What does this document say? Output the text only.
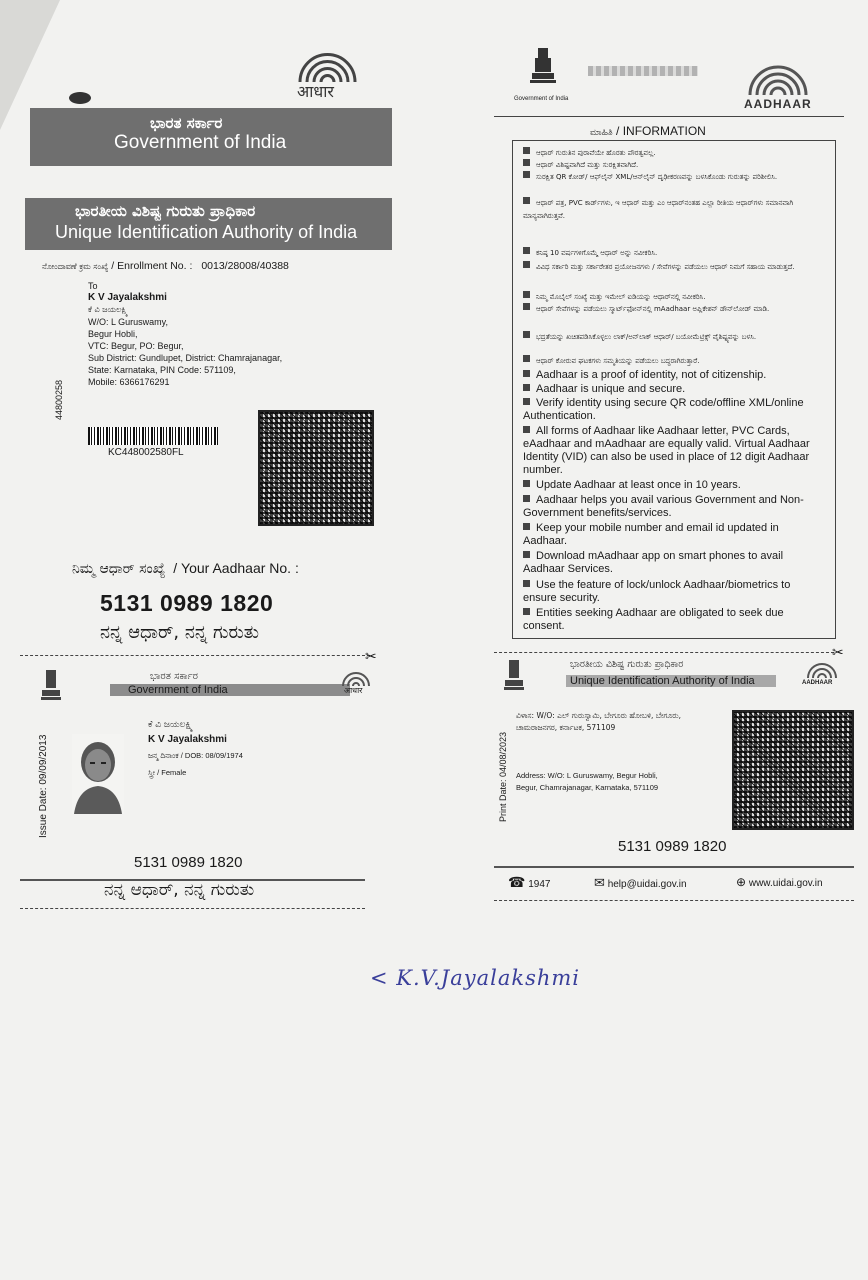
आधार
ಭಾರತ ಸರ್ಕಾರ
Government of India
ಭಾರತೀಯ ವಿಶಿಷ್ಟ ಗುರುತು ಪ್ರಾಧಿಕಾರ
Unique Identification Authority of India
ನೋಂದಾವಣೆ ಕ್ರಮ ಸಂಖ್ಯೆ / Enrollment No. : 0013/28008/40388
To
K V Jayalakshmi
ಕೆ ವಿ ಜಯಲಕ್ಷ್ಮಿ
W/O: L Guruswamy,
Begur Hobli,
VTC: Begur, PO: Begur,
Sub District: Gundlupet, District: Chamrajanagar,
State: Karnataka, PIN Code: 571109,
Mobile: 6366176291
44800258
KC448002580FL
ನಿಮ್ಮ ಆಧಾರ್ ಸಂಖ್ಯೆ / Your Aadhaar No. :
5131 0989 1820
ನನ್ನ ಆಧಾರ್, ನನ್ನ ಗುರುತು
✂
ಭಾರತ ಸರ್ಕಾರ
Government of India	आधार
Issue Date: 09/09/2013
ಕೆ ವಿ ಜಯಲಕ್ಷ್ಮಿ
K V Jayalakshmi
ಜನ್ಮ ದಿನಾಂಕ / DOB: 08/09/1974
ಸ್ತ್ರೀ / Female
5131 0989 1820
ನನ್ನ ಆಧಾರ್, ನನ್ನ ಗುರುತು
Government of India	AADHAAR
ಮಾಹಿತಿ / INFORMATION
ಆಧಾರ್ ಗುರುತಿನ ಪುರಾವೆಯೇ ಹೊರತು ಪೌರತ್ವವಲ್ಲ.
ಆಧಾರ್ ವಿಶಿಷ್ಟವಾಗಿದೆ ಮತ್ತು ಸುರಕ್ಷಿತವಾಗಿದೆ.
ಸುರಕ್ಷಿತ QR ಕೋಡ್/ ಆಫ್‌ಲೈನ್ XML/ಆನ್‌ಲೈನ್ ದೃಢೀಕರಣವನ್ನು ಬಳಸಿಕೊಂಡು ಗುರುತನ್ನು ಪರಿಶೀಲಿಸಿ.
ಆಧಾರ್ ಪತ್ರ, PVC ಕಾರ್ಡ್‌ಗಳು, ಇ ಆಧಾರ್ ಮತ್ತು ಎಂ ಆಧಾರ್‌ನಂತಹ ಎಲ್ಲಾ ರೀತಿಯ ಆಧಾರ್‌ಗಳು ಸಮಾನವಾಗಿ ಮಾನ್ಯವಾಗಿರುತ್ತವೆ.
ಕನಿಷ್ಠ 10 ವರ್ಷಗಳಿಗೊಮ್ಮೆ ಆಧಾರ್ ಅನ್ನು ನವೀಕರಿಸಿ.
ವಿವಿಧ ಸರ್ಕಾರಿ ಮತ್ತು ಸರ್ಕಾರೇತರ ಪ್ರಯೋಜನಗಳು / ಸೇವೆಗಳನ್ನು ಪಡೆಯಲು ಆಧಾರ್ ನಿಮಗೆ ಸಹಾಯ ಮಾಡುತ್ತದೆ.
ನಿಮ್ಮ ಮೊಬೈಲ್ ಸಂಖ್ಯೆ ಮತ್ತು ಇಮೇಲ್ ಐಡಿಯನ್ನು ಆಧಾರ್‌ನಲ್ಲಿ ನವೀಕರಿಸಿ.
ಆಧಾರ್ ಸೇವೆಗಳನ್ನು ಪಡೆಯಲು ಸ್ಮಾರ್ಟ್‌ಫೋನ್‌ನಲ್ಲಿ mAadhaar ಅಪ್ಲಿಕೇಶನ್ ಡೌನ್‌ಲೋಡ್ ಮಾಡಿ.
ಭದ್ರತೆಯನ್ನು ಖಚಿತಪಡಿಸಿಕೊಳ್ಳಲು ಲಾಕ್/ಅನ್‌ಲಾಕ್ ಆಧಾರ್/ ಬಯೋಮೆಟ್ರಿಕ್ಸ್ ವೈಶಿಷ್ಟ್ಯವನ್ನು ಬಳಸಿ.
ಆಧಾರ್ ಕೋರುವ ಘಟಕಗಳು ಸಮ್ಮತಿಯನ್ನು ಪಡೆಯಲು ಬದ್ಧರಾಗಿರುತ್ತಾರೆ.
Aadhaar is a proof of identity, not of citizenship.
Aadhaar is unique and secure.
Verify identity using secure QR code/offline XML/online Authentication.
All forms of Aadhaar like Aadhaar letter, PVC Cards, eAadhaar and mAadhaar are equally valid. Virtual Aadhaar Identity (VID) can also be used in place of 12 digit Aadhaar number.
Update Aadhaar at least once in 10 years.
Aadhaar helps you avail various Government and Non- Government benefits/services.
Keep your mobile number and email id updated in Aadhaar.
Download mAadhaar app on smart phones to avail Aadhaar Services.
Use the feature of lock/unlock Aadhaar/biometrics to ensure security.
Entities seeking Aadhaar are obligated to seek due consent.
✂
ಭಾರತೀಯ ವಿಶಿಷ್ಟ ಗುರುತು ಪ್ರಾಧಿಕಾರ
Unique Identification Authority of India	AADHAAR
Print Date: 04/08/2023
ವಿಳಾಸ: W/O: ಎಲ್ ಗುರುಸ್ವಾಮಿ, ಬೇಗೂರು ಹೋಬಳಿ, ಬೇಗೂರು,
ಚಾಮರಾಜನಗರ, ಕರ್ನಾಟಕ, 571109
Address: W/O: L Guruswamy, Begur Hobli,
Begur, Chamrajanagar, Karnataka, 571109
5131 0989 1820
☎ 1947	✉ help@uidai.gov.in	⊕ www.uidai.gov.in
< K.V.Jayalakshmi
